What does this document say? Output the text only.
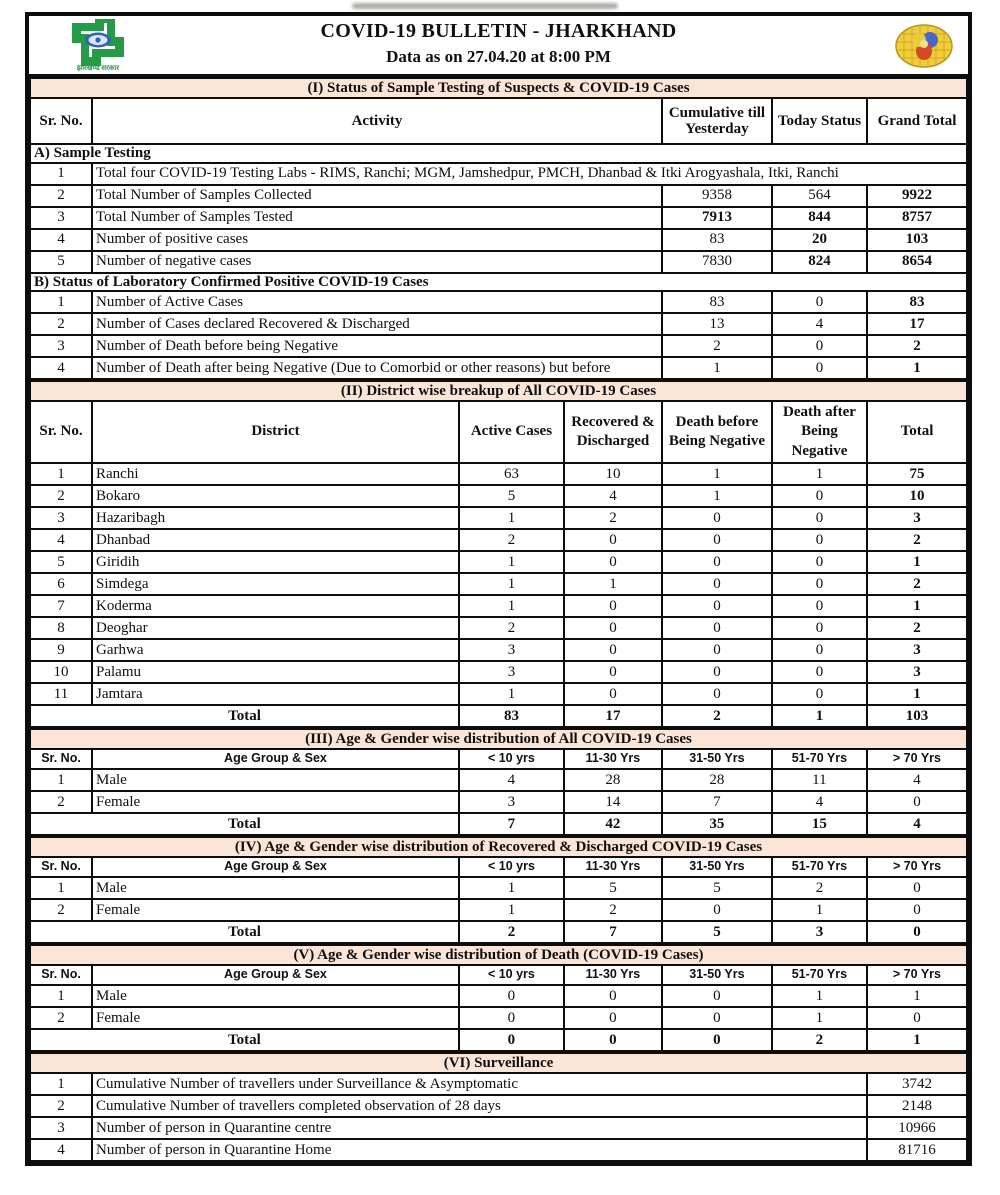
झारखण्ड सरकार
COVID-19 BULLETIN - JHARKHAND
Data as on 27.04.20 at 8:00 PM
(I) Status of Sample Testing of Suspects & COVID-19 Cases				
Sr. No.	Activity	Cumulative till Yesterday	Today Status	Grand Total
A) Sample Testing				
1	Total four COVID-19 Testing Labs - RIMS, Ranchi; MGM, Jamshedpur, PMCH, Dhanbad & Itki Arogyashala, Itki, Ranchi			
2	Total Number of Samples Collected	9358	564	9922
3	Total Number of Samples Tested	7913	844	8757
4	Number of positive cases	83	20	103
5	Number of negative cases	7830	824	8654
B) Status of Laboratory Confirmed Positive COVID-19 Cases				
1	Number of Active Cases	83	0	83
2	Number of Cases declared Recovered & Discharged	13	4	17
3	Number of Death before being Negative	2	0	2
4	Number of Death after being Negative (Due to Comorbid or other reasons) but before	1	0	1
(II) District wise breakup of All COVID-19 Cases						
Sr. No.	District	Active Cases	Recovered & Discharged	Death before Being Negative	Death after Being Negative	Total
1	Ranchi	63	10	1	1	75
2	Bokaro	5	4	1	0	10
3	Hazaribagh	1	2	0	0	3
4	Dhanbad	2	0	0	0	2
5	Giridih	1	0	0	0	1
6	Simdega	1	1	0	0	2
7	Koderma	1	0	0	0	1
8	Deoghar	2	0	0	0	2
9	Garhwa	3	0	0	0	3
10	Palamu	3	0	0	0	3
11	Jamtara	1	0	0	0	1
Total		83	17	2	1	103
(III) Age & Gender wise distribution of All COVID-19 Cases						
Sr. No.	Age Group & Sex	< 10 yrs	11-30 Yrs	31-50 Yrs	51-70 Yrs	> 70 Yrs
1	Male	4	28	28	11	4
2	Female	3	14	7	4	0
Total		7	42	35	15	4
(IV) Age & Gender wise distribution of Recovered & Discharged COVID-19 Cases						
Sr. No.	Age Group & Sex	< 10 yrs	11-30 Yrs	31-50 Yrs	51-70 Yrs	> 70 Yrs
1	Male	1	5	5	2	0
2	Female	1	2	0	1	0
Total		2	7	5	3	0
(V) Age & Gender wise distribution of Death (COVID-19 Cases)						
Sr. No.	Age Group & Sex	< 10 yrs	11-30 Yrs	31-50 Yrs	51-70 Yrs	> 70 Yrs
1	Male	0	0	0	1	1
2	Female	0	0	0	1	0
Total		0	0	0	2	1
(VI) Surveillance		
1	Cumulative Number of travellers under Surveillance & Asymptomatic	3742
2	Cumulative Number of travellers completed observation of 28 days	2148
3	Number of person in Quarantine centre	10966
4	Number of person in Quarantine Home	81716
